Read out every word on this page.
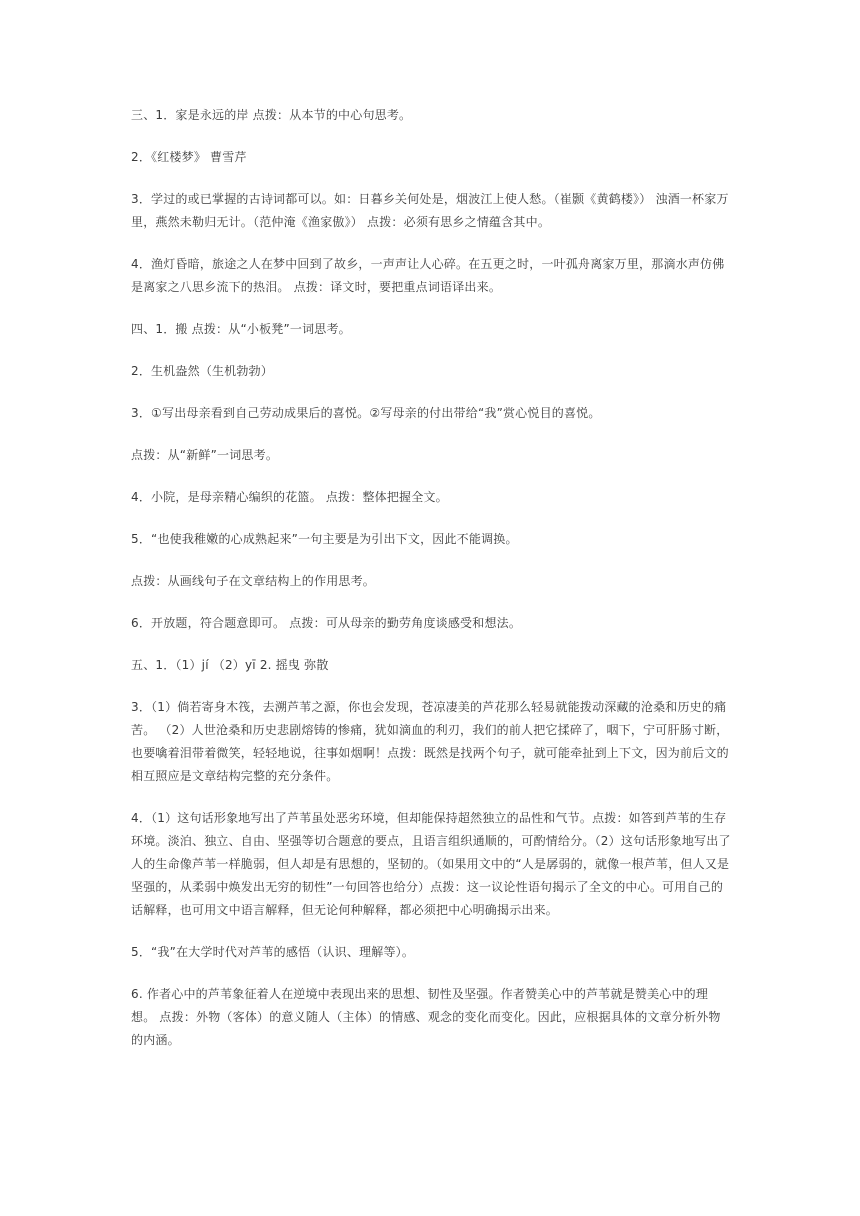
三、1．家是永远的岸 点拨：从本节的中心句思考。

2．《红楼梦》 曹雪芹

3．学过的或已掌握的古诗词都可以。如：日暮乡关何处是，烟波江上使人愁。（崔颢《黄鹤楼》） 浊酒一杯家万里，燕然未勒归无计。（范仲淹《渔家傲》） 点拨：必须有思乡之情蕴含其中。

4．渔灯昏暗，旅途之人在梦中回到了故乡，一声声让人心碎。在五更之时，一叶孤舟离家万里，那滴水声仿佛是离家之八思乡流下的热泪。 点拨：译文时，要把重点词语译出来。

四、1．搬 点拨：从“小板凳”一词思考。

2．生机盎然（生机勃勃）

3．①写出母亲看到自己劳动成果后的喜悦。②写母亲的付出带给“我”赏心悦目的喜悦。

点拨：从“新鲜”一词思考。

4．小院，是母亲精心编织的花篮。 点拨：整体把握全文。

5．“也使我稚嫩的心成熟起来”一句主要是为引出下文，因此不能调换。

点拨：从画线句子在文章结构上的作用思考。

6．开放题，符合题意即可。 点拨：可从母亲的勤劳角度谈感受和想法。

五、1．（1）jí （2）yī 2. 摇曳 弥散

3．（1）倘若寄身木筏，去溯芦苇之源，你也会发现，苍凉凄美的芦花那么轻易就能拨动深藏的沧桑和历史的痛苦。 （2）人世沧桑和历史悲剧熔铸的惨痛，犹如滴血的利刃，我们的前人把它揉碎了，咽下，宁可肝肠寸断，也要噙着泪带着微笑，轻轻地说，往事如烟啊！点拨：既然是找两个句子，就可能牵扯到上下文，因为前后文的相互照应是文章结构完整的充分条件。

4．（1）这句话形象地写出了芦苇虽处恶劣环境，但却能保持超然独立的品性和气节。点拨：如答到芦苇的生存环境。淡泊、独立、自由、坚强等切合题意的要点，且语言组织通顺的，可酌情给分。（2）这句话形象地写出了人的生命像芦苇一样脆弱，但人却是有思想的，坚韧的。（如果用文中的“人是孱弱的，就像一根芦苇，但人又是坚强的，从柔弱中焕发出无穷的韧性”一句回答也给分）点拨：这一议论性语句揭示了全文的中心。可用自己的话解释，也可用文中语言解释，但无论何种解释，都必须把中心明确揭示出来。

5．“我”在大学时代对芦苇的感悟（认识、理解等）。

6. 作者心中的芦苇象征着人在逆境中表现出来的思想、韧性及坚强。作者赞美心中的芦苇就是赞美心中的理想。 点拨：外物（客体）的意义随人（主体）的情感、观念的变化而变化。因此，应根据具体的文章分析外物的内涵。
